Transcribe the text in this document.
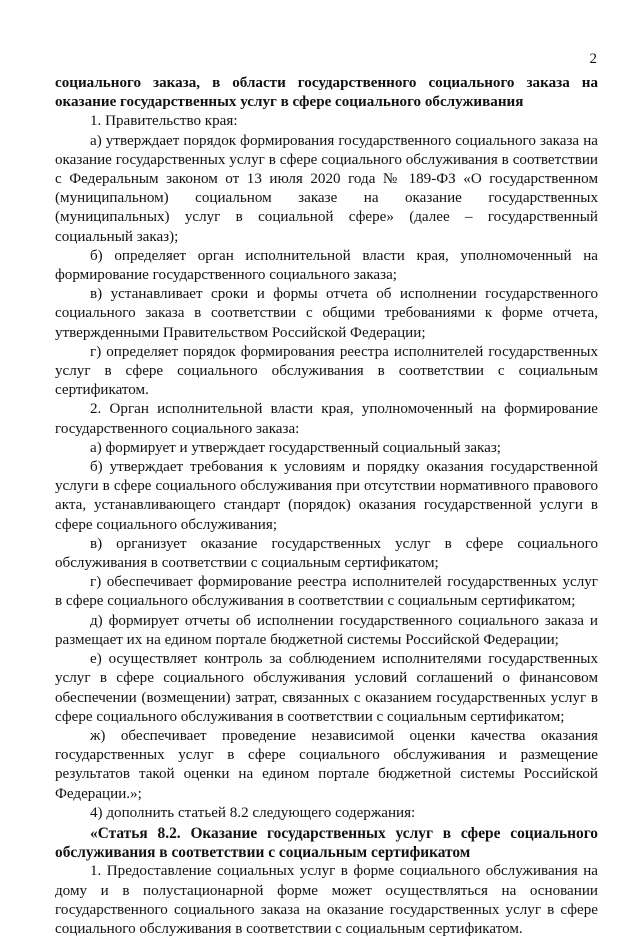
2

социального заказа, в области государственного социального заказа на оказание государственных услуг в сфере социального обслуживания

1. Правительство края:

а) утверждает порядок формирования государственного социального заказа на оказание государственных услуг в сфере социального обслуживания в соответствии с Федеральным законом от 13 июля 2020 года № 189-ФЗ «О государственном (муниципальном) социальном заказе на оказание государственных (муниципальных) услуг в социальной сфере» (далее – государственный социальный заказ);

б) определяет орган исполнительной власти края, уполномоченный на формирование государственного социального заказа;

в) устанавливает сроки и формы отчета об исполнении государственного социального заказа в соответствии с общими требованиями к форме отчета, утвержденными Правительством Российской Федерации;

г) определяет порядок формирования реестра исполнителей государственных услуг в сфере социального обслуживания в соответствии с социальным сертификатом.

2. Орган исполнительной власти края, уполномоченный на формирование государственного социального заказа:

а) формирует и утверждает государственный социальный заказ;

б) утверждает требования к условиям и порядку оказания государственной услуги в сфере социального обслуживания при отсутствии нормативного правового акта, устанавливающего стандарт (порядок) оказания государственной услуги в сфере социального обслуживания;

в) организует оказание государственных услуг в сфере социального обслуживания в соответствии с социальным сертификатом;

г) обеспечивает формирование реестра исполнителей государственных услуг в сфере социального обслуживания в соответствии с социальным сертификатом;

д) формирует отчеты об исполнении государственного социального заказа и размещает их на едином портале бюджетной системы Российской Федерации;

е) осуществляет контроль за соблюдением исполнителями государственных услуг в сфере социального обслуживания условий соглашений о финансовом обеспечении (возмещении) затрат, связанных с оказанием государственных услуг в сфере социального обслуживания в соответствии с социальным сертификатом;

ж) обеспечивает проведение независимой оценки качества оказания государственных услуг в сфере социального обслуживания и размещение результатов такой оценки на едином портале бюджетной системы Российской Федерации.»;

4) дополнить статьей 8.2 следующего содержания:

«Статья 8.2. Оказание государственных услуг в сфере социального обслуживания в соответствии с социальным сертификатом

1. Предоставление социальных услуг в форме социального обслуживания на дому и в полустационарной форме может осуществляться на основании государственного социального заказа на оказание государственных услуг в сфере социального обслуживания в соответствии с социальным сертификатом.
